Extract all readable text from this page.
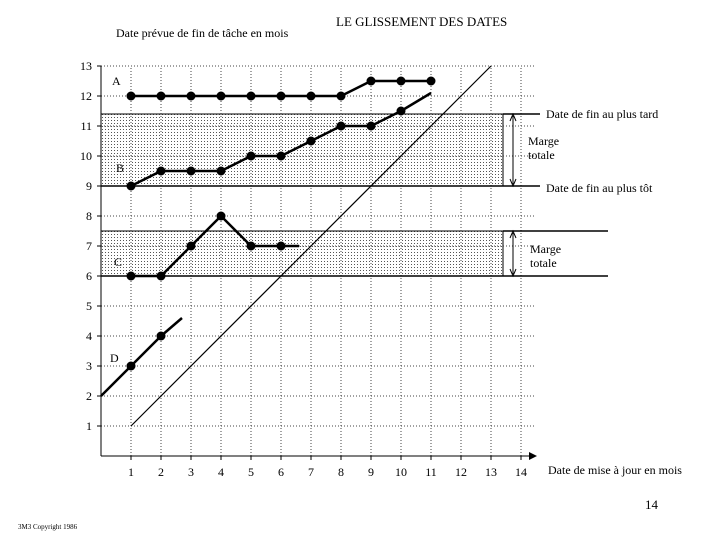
1
2
3
4
5
6
7
8
9
10
11
12
13
1 2 3 4 5 6 7 8 9 10 11 12 13 14
LE GLISSEMENT DES DATES
Date prévue de fin de tâche en mois
Date de mise à jour en mois
Date de fin au plus tard
Date de fin au plus tôt
Marge totale
Marge totale
A
B
C
D
14
3M3 Copyright 1986
